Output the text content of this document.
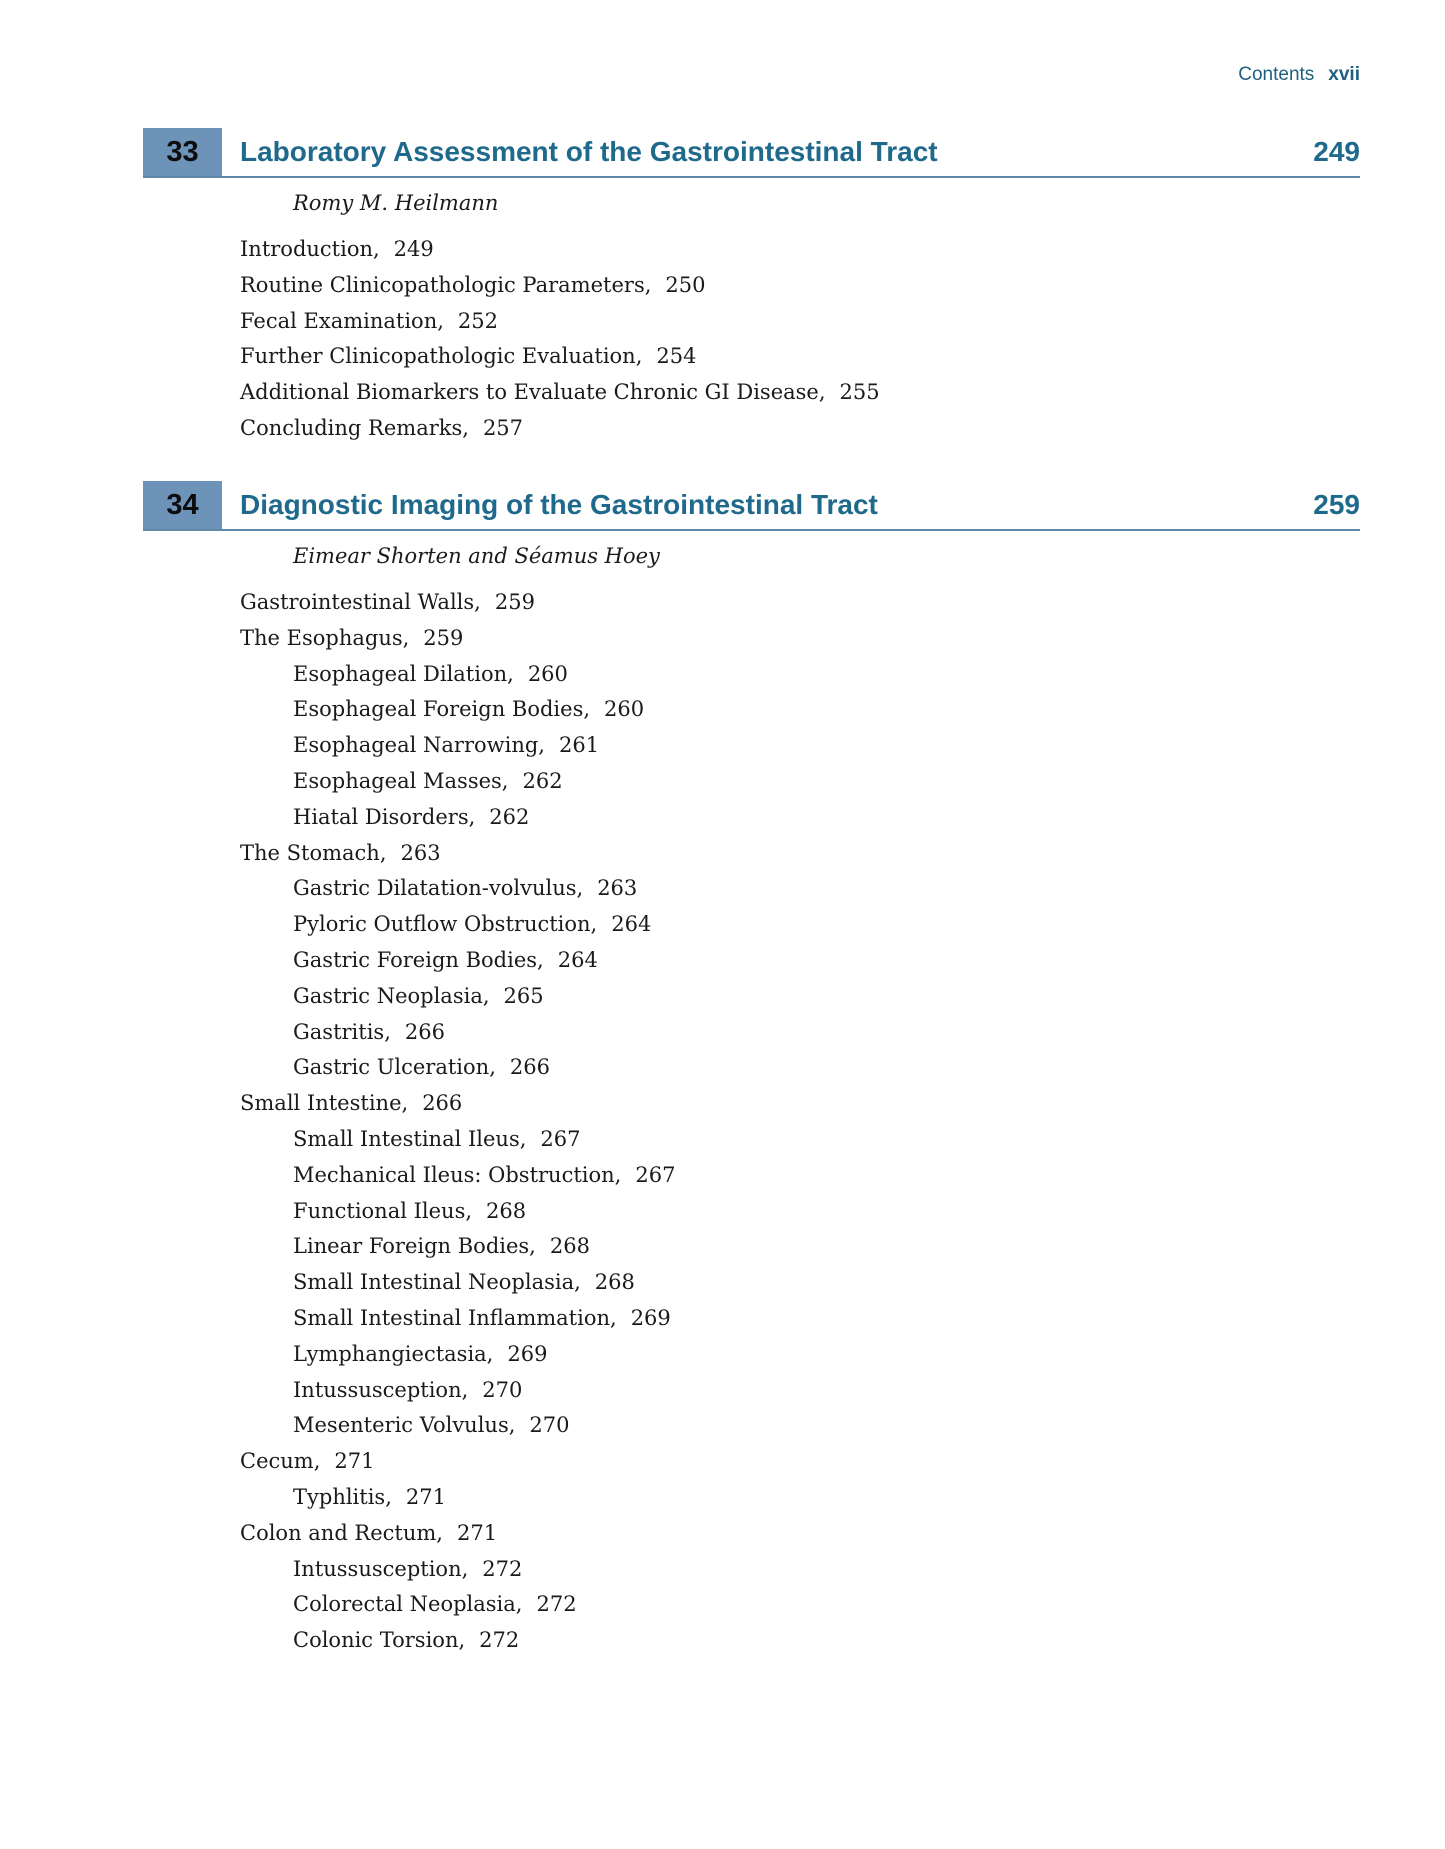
Contents xvii
33	Laboratory Assessment of the Gastrointestinal Tract	249
Romy M. Heilmann
Introduction, 249
Routine Clinicopathologic Parameters, 250
Fecal Examination, 252
Further Clinicopathologic Evaluation, 254
Additional Biomarkers to Evaluate Chronic GI Disease, 255
Concluding Remarks, 257
34	Diagnostic Imaging of the Gastrointestinal Tract	259
Eimear Shorten and Séamus Hoey
Gastrointestinal Walls, 259
The Esophagus, 259
Esophageal Dilation, 260
Esophageal Foreign Bodies, 260
Esophageal Narrowing, 261
Esophageal Masses, 262
Hiatal Disorders, 262
The Stomach, 263
Gastric Dilatation-volvulus, 263
Pyloric Outflow Obstruction, 264
Gastric Foreign Bodies, 264
Gastric Neoplasia, 265
Gastritis, 266
Gastric Ulceration, 266
Small Intestine, 266
Small Intestinal Ileus, 267
Mechanical Ileus: Obstruction, 267
Functional Ileus, 268
Linear Foreign Bodies, 268
Small Intestinal Neoplasia, 268
Small Intestinal Inflammation, 269
Lymphangiectasia, 269
Intussusception, 270
Mesenteric Volvulus, 270
Cecum, 271
Typhlitis, 271
Colon and Rectum, 271
Intussusception, 272
Colorectal Neoplasia, 272
Colonic Torsion, 272
